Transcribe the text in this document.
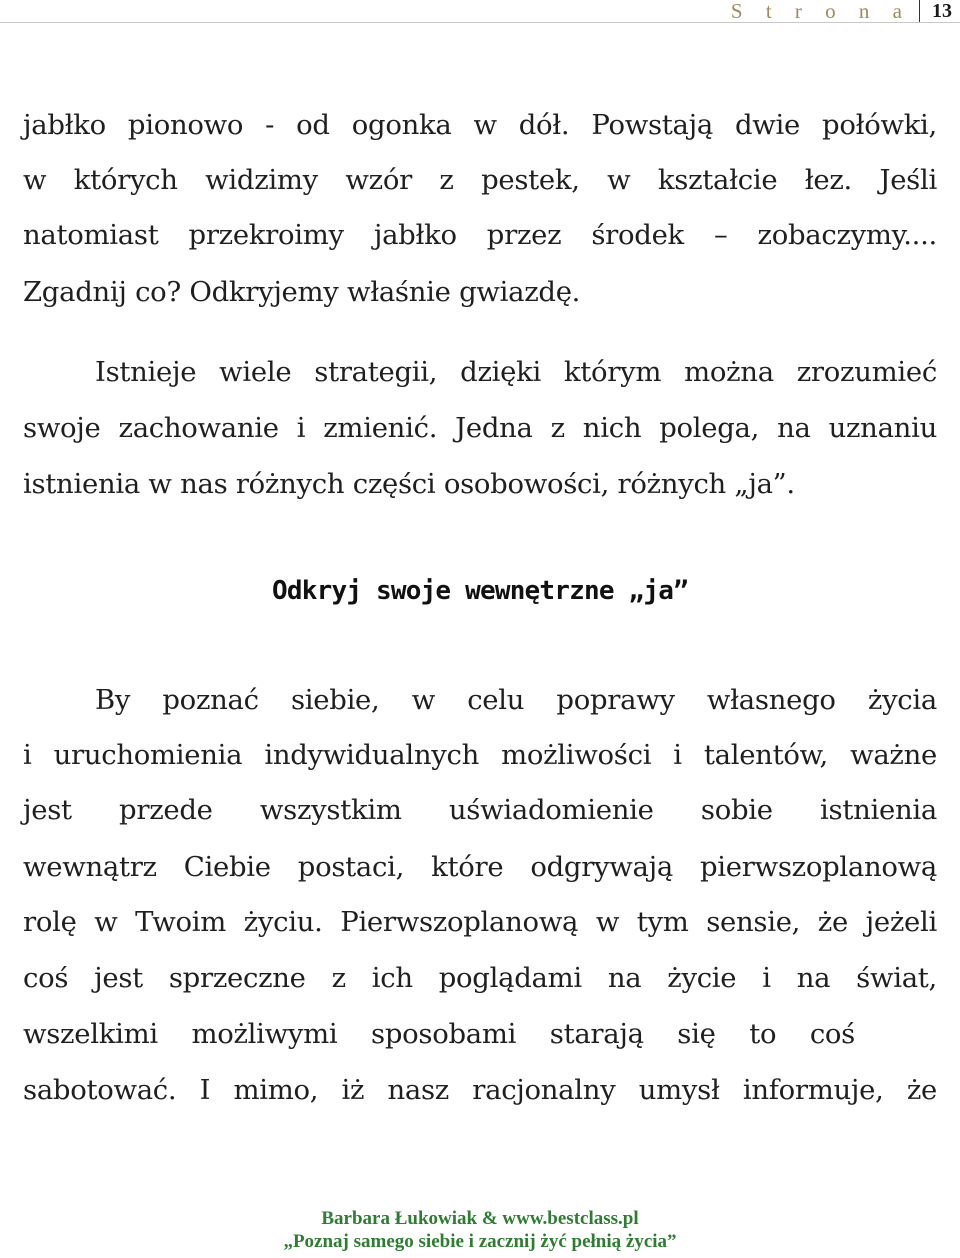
S t r o n a	13
jabłko pionowo - od ogonka w dół. Powstają dwie połówki,
w których widzimy wzór z pestek, w kształcie łez. Jeśli
natomiast przekroimy jabłko przez środek – zobaczymy....
Zgadnij co? Odkryjemy właśnie gwiazdę.
Istnieje wiele strategii, dzięki którym można zrozumieć
swoje zachowanie i zmienić. Jedna z nich polega, na uznaniu
istnienia w nas różnych części osobowości, różnych „ja”.
Odkryj swoje wewnętrzne „ja”
By poznać siebie, w celu poprawy własnego życia
i uruchomienia indywidualnych możliwości i talentów, ważne
jest przede wszystkim uświadomienie sobie istnienia
wewnątrz Ciebie postaci, które odgrywają pierwszoplanową
rolę w Twoim życiu. Pierwszoplanową w tym sensie, że jeżeli
coś jest sprzeczne z ich poglądami na życie i na świat,
wszelkimi możliwymi sposobami starają się to coś
sabotować. I mimo, iż nasz racjonalny umysł informuje, że
Barbara Łukowiak & www.bestclass.pl
„Poznaj samego siebie i zacznij żyć pełnią życia”
